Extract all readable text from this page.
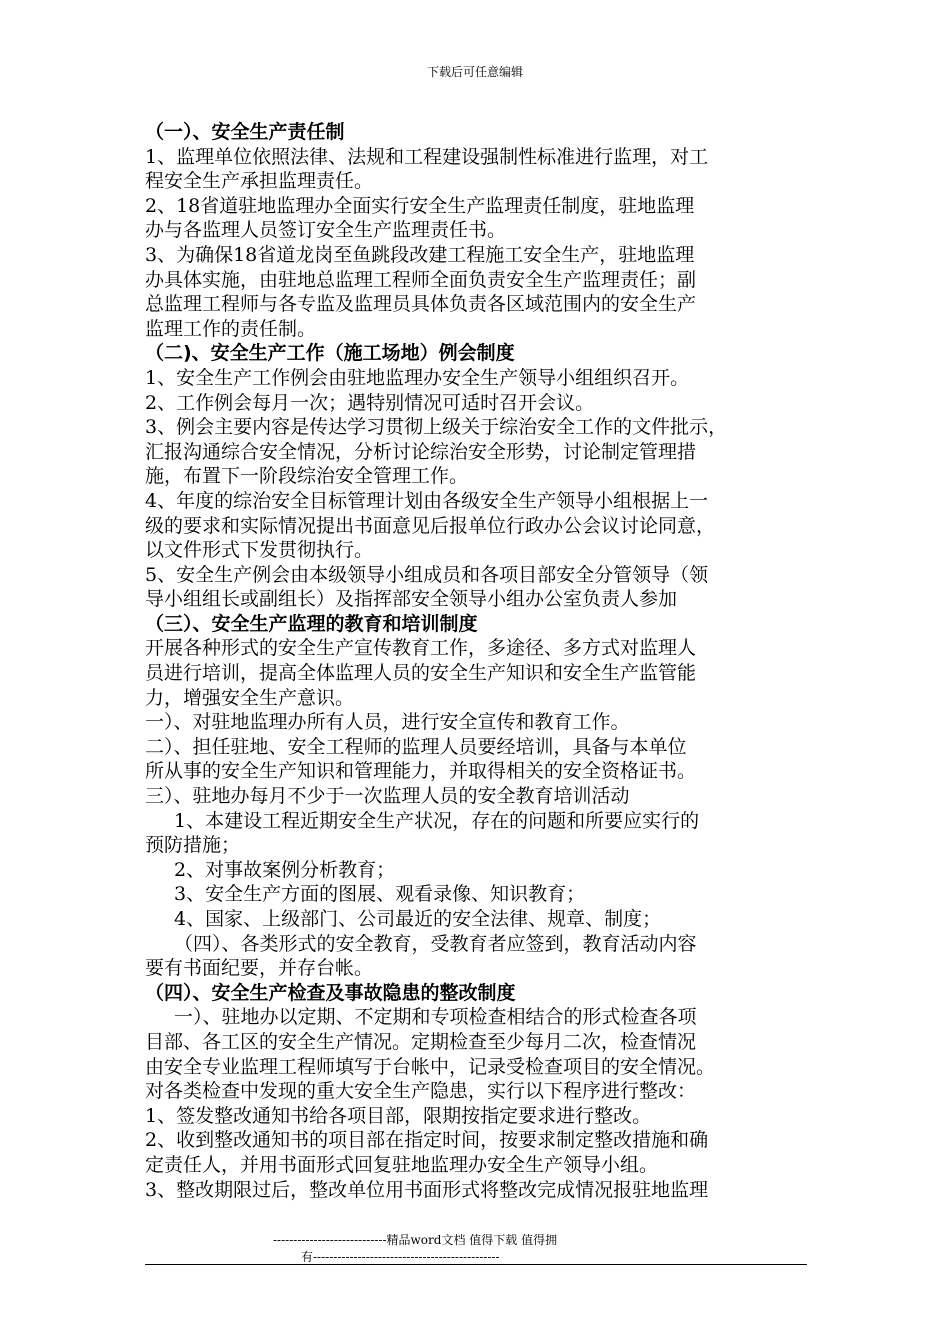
下载后可任意编辑
（一）、安全生产责任制
1、监理单位依照法律、法规和工程建设强制性标准进行监理，对工
程安全生产承担监理责任。
2、18省道驻地监理办全面实行安全生产监理责任制度，驻地监理
办与各监理人员签订安全生产监理责任书。
3、为确保18省道龙岗至鱼跳段改建工程施工安全生产，驻地监理
办具体实施，由驻地总监理工程师全面负责安全生产监理责任；副
总监理工程师与各专监及监理员具体负责各区域范围内的安全生产
监理工作的责任制。
（二)、安全生产工作（施工场地）例会制度
1、安全生产工作例会由驻地监理办安全生产领导小组组织召开。
2、工作例会每月一次；遇特别情况可适时召开会议。
3、例会主要内容是传达学习贯彻上级关于综治安全工作的文件批示，
汇报沟通综合安全情况，分析讨论综治安全形势，讨论制定管理措
施，布置下一阶段综治安全管理工作。
4、年度的综治安全目标管理计划由各级安全生产领导小组根据上一
级的要求和实际情况提出书面意见后报单位行政办公会议讨论同意，
以文件形式下发贯彻执行。
5、安全生产例会由本级领导小组成员和各项目部安全分管领导（领
导小组组长或副组长）及指挥部安全领导小组办公室负责人参加
（三）、安全生产监理的教育和培训制度
开展各种形式的安全生产宣传教育工作，多途径、多方式对监理人
员进行培训，提高全体监理人员的安全生产知识和安全生产监管能
力，增强安全生产意识。
一）、对驻地监理办所有人员，进行安全宣传和教育工作。
二）、担任驻地、安全工程师的监理人员要经培训，具备与本单位
所从事的安全生产知识和管理能力，并取得相关的安全资格证书。
三）、驻地办每月不少于一次监理人员的安全教育培训活动
1、本建设工程近期安全生产状况，存在的问题和所要应实行的
预防措施；
2、对事故案例分析教育；
3、安全生产方面的图展、观看录像、知识教育；
4、国家、上级部门、公司最近的安全法律、规章、制度；
（四）、各类形式的安全教育，受教育者应签到，教育活动内容
要有书面纪要，并存台帐。
（四）、安全生产检查及事故隐患的整改制度
一）、驻地办以定期、不定期和专项检查相结合的形式检查各项
目部、各工区的安全生产情况。定期检查至少每月二次，检查情况
由安全专业监理工程师填写于台帐中，记录受检查项目的安全情况。
对各类检查中发现的重大安全生产隐患，实行以下程序进行整改：
1、签发整改通知书给各项目部，限期按指定要求进行整改。
2、收到整改通知书的项目部在指定时间，按要求制定整改措施和确
定责任人，并用书面形式回复驻地监理办安全生产领导小组。
3、整改期限过后，整改单位用书面形式将整改完成情况报驻地监理
----------------------------精品word文档 值得下载 值得拥
有----------------------------------------------
